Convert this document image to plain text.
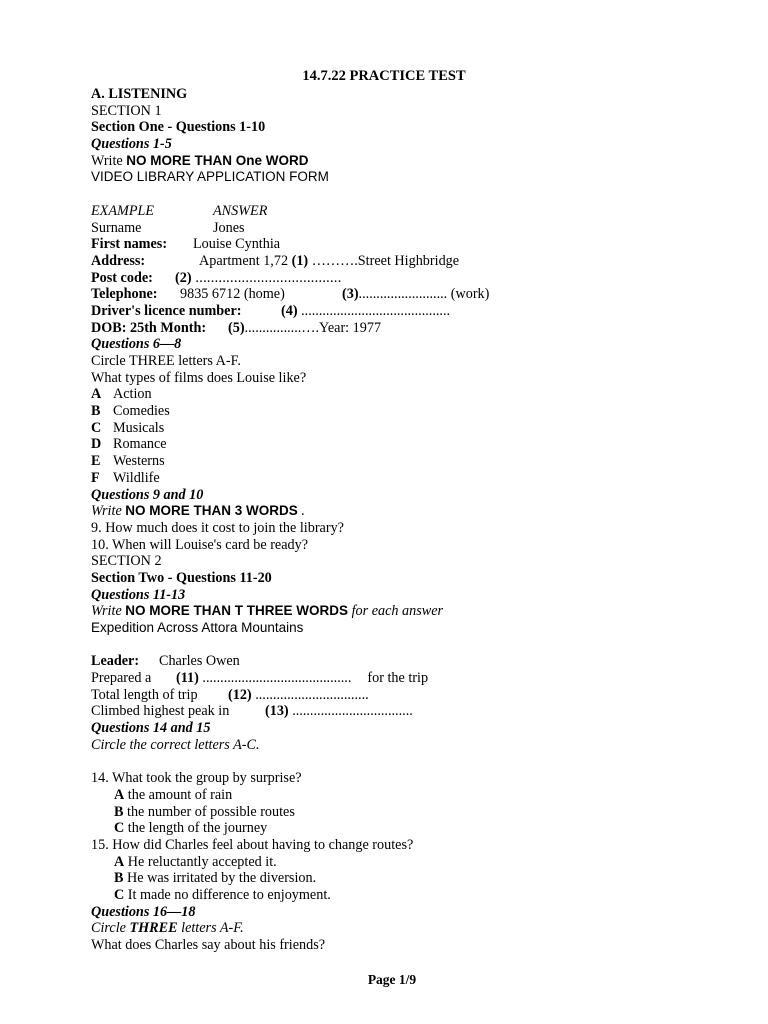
14.7.22 PRACTICE TEST
A. LISTENING
SECTION 1
Section One - Questions 1-10
Questions 1-5
Write NO MORE THAN One WORD
VIDEO LIBRARY APPLICATION FORM
EXAMPLE	ANSWER
Surname	Jones
First names: Louise Cynthia
Address:	Apartment 1,72 (1) ……….Street Highbridge
Post code: (2) ......................................
Telephone: 9835 6712 (home)	(3)......................... (work)
Driver's licence number:	(4) ..........................................
DOB: 25th Month: (5)................….Year: 1977
Questions 6—8
Circle THREE letters A-F.
What types of films does Louise like?
A Action
B Comedies
C Musicals
D Romance
E Westerns
F Wildlife
Questions 9 and 10
Write NO MORE THAN 3 WORDS .
9. How much does it cost to join the library?
10. When will Louise's card be ready?
SECTION 2
Section Two - Questions 11-20
Questions 11-13
Write NO MORE THAN T THREE WORDS for each answer
Expedition Across Attora Mountains
Leader: Charles Owen
Prepared a (11) .......................................... for the trip
Total length of trip (12) ................................
Climbed highest peak in	(13) ..................................
Questions 14 and 15
Circle the correct letters A-C.
14. What took the group by surprise?
A the amount of rain
B the number of possible routes
C the length of the journey
15. How did Charles feel about having to change routes?
A He reluctantly accepted it.
B He was irritated by the diversion.
C It made no difference to enjoyment.
Questions 16—18
Circle THREE letters A-F.
What does Charles say about his friends?
Page 1/9
